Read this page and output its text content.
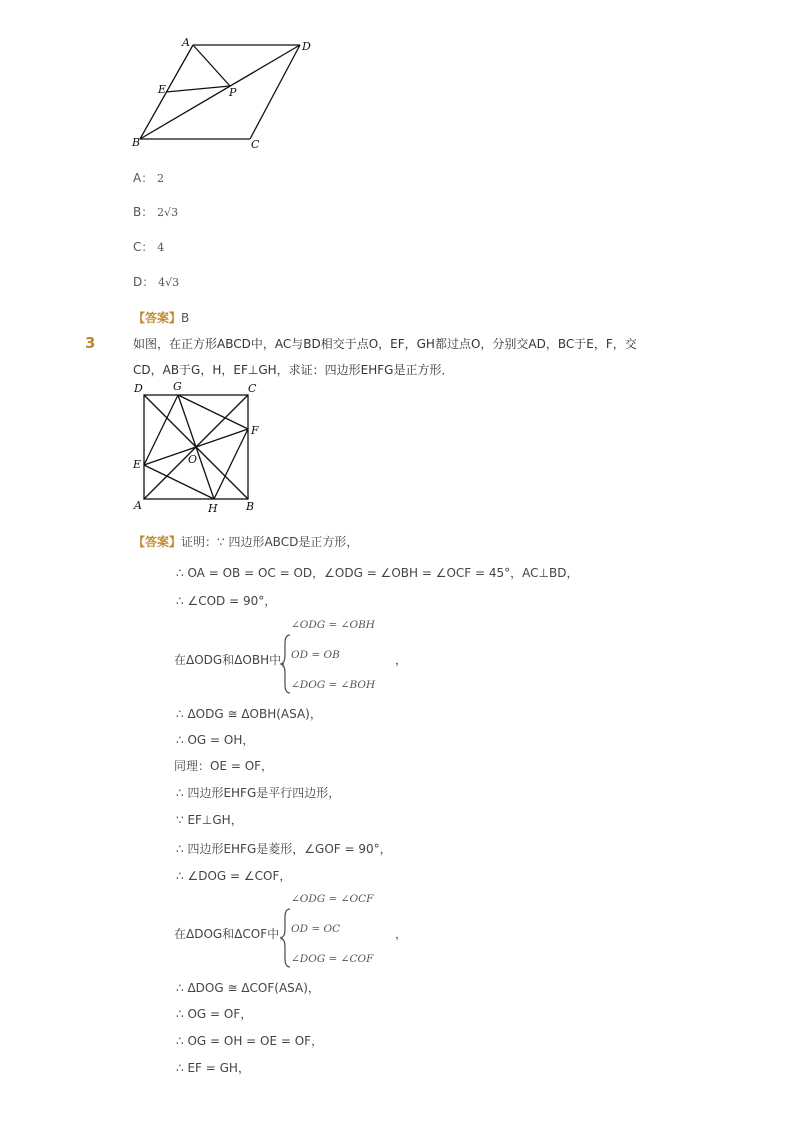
A	D
E	P
B	C
A： 2
B： 2√3
C： 4
D： 4√3
【答案】B
3	如图，在正方形ABCD中，AC与BD相交于点O，EF，GH都过点O，分别交AD，BC于E，F，交
CD，AB于G，H，EF⊥GH，求证：四边形EHFG是正方形．
D	G	C
F
E	O
A	H	B
【答案】证明：∵ 四边形ABCD是正方形，
∴ OA = OB = OC = OD，∠ODG = ∠OBH = ∠OCF = 45°，AC⊥BD，
∴ ∠COD = 90°，
在ΔODG和ΔOBH中，
∠ODG = ∠OBH
OD = OB
∠DOG = ∠BOH
，
∴ ΔODG ≅ ΔOBH(ASA)，
∴ OG = OH，
同理：OE = OF，
∴ 四边形EHFG是平行四边形，
∵ EF⊥GH，
∴ 四边形EHFG是菱形，∠GOF = 90°，
∴ ∠DOG = ∠COF，
在ΔDOG和ΔCOF中，
∠ODG = ∠OCF
OD = OC
∠DOG = ∠COF
，
∴ ΔDOG ≅ ΔCOF(ASA)，
∴ OG = OF，
∴ OG = OH = OE = OF，
∴ EF = GH，
